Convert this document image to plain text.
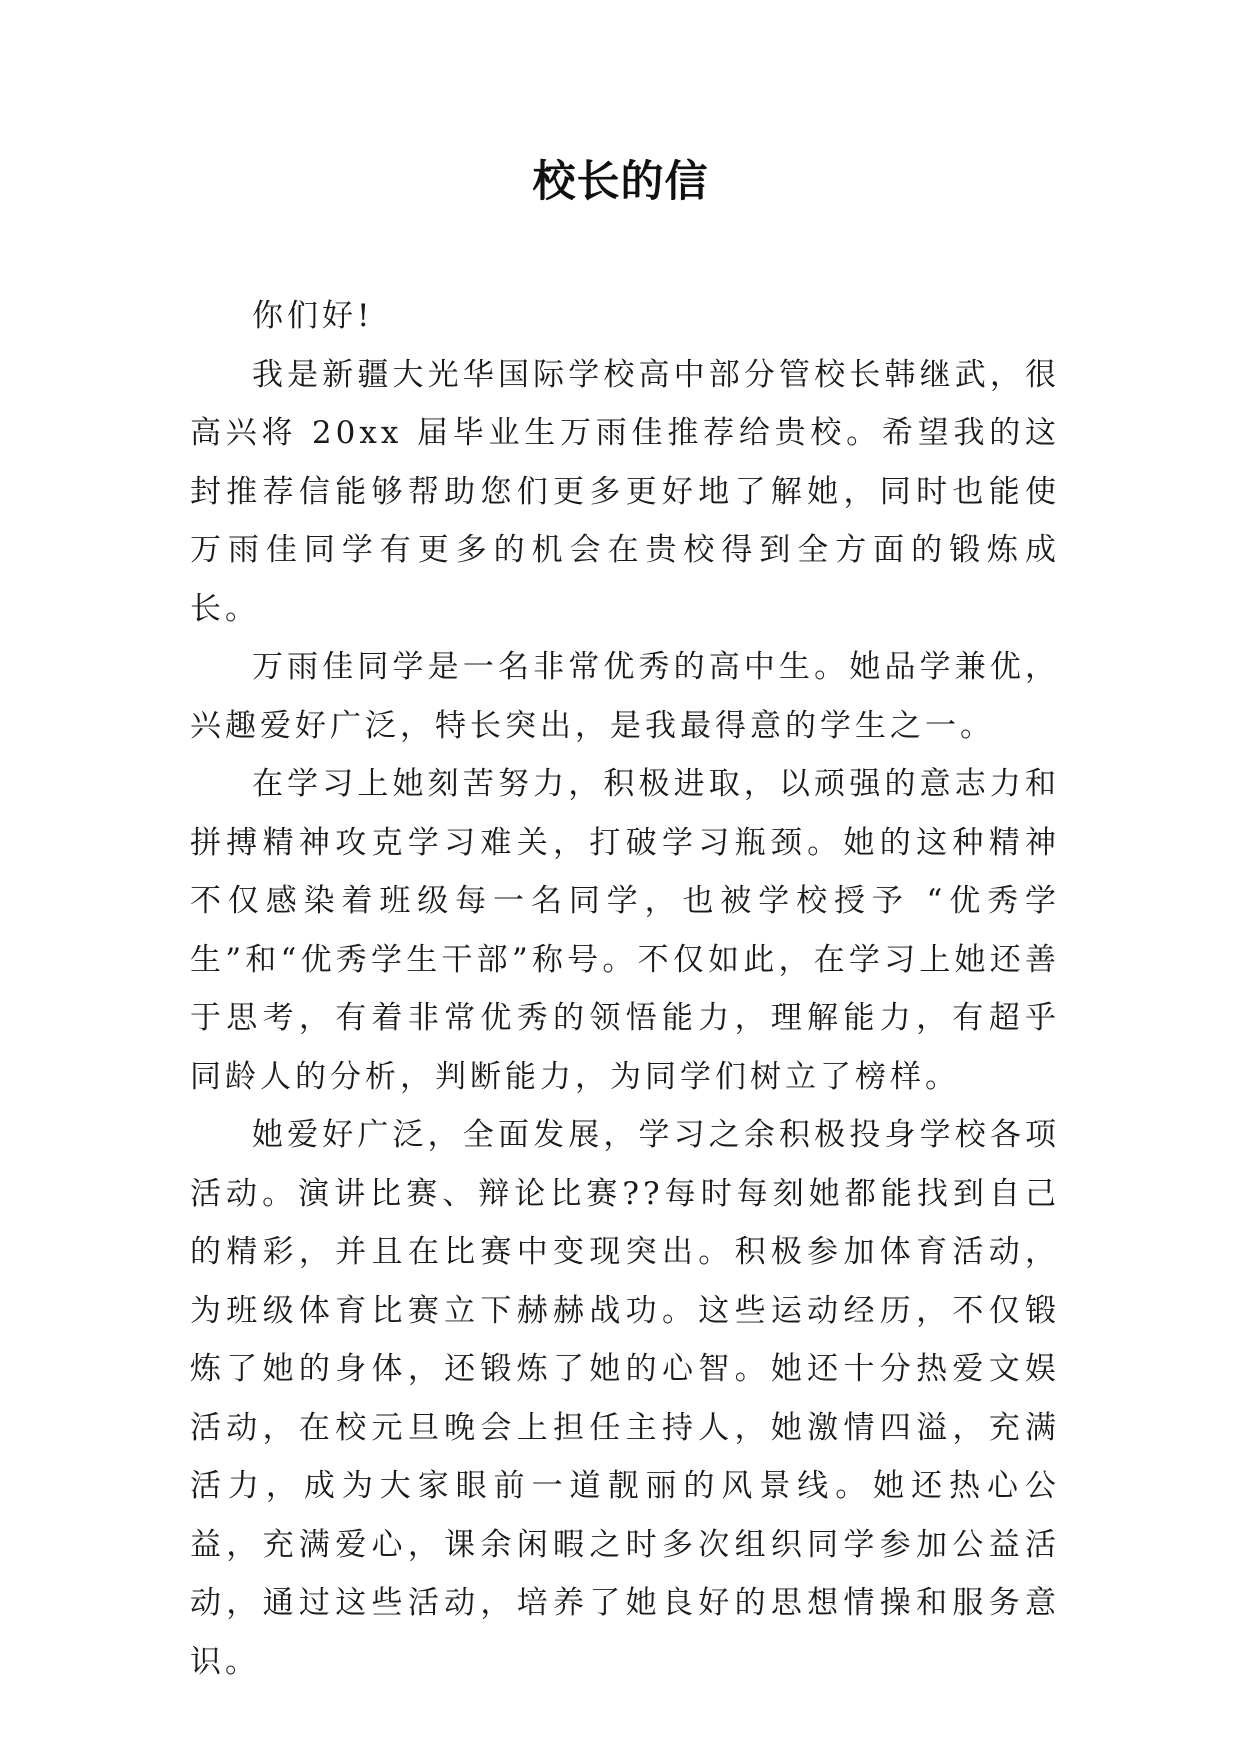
校长的信

你们好!

我是新疆大光华国际学校高中部分管校长韩继武，很高兴将 20xx 届毕业生万雨佳推荐给贵校。希望我的这封推荐信能够帮助您们更多更好地了解她，同时也能使万雨佳同学有更多的机会在贵校得到全方面的锻炼成长。

万雨佳同学是一名非常优秀的高中生。她品学兼优，兴趣爱好广泛，特长突出，是我最得意的学生之一。

在学习上她刻苦努力，积极进取，以顽强的意志力和拼搏精神攻克学习难关，打破学习瓶颈。她的这种精神不仅感染着班级每一名同学，也被学校授予 “优秀学生”和“优秀学生干部”称号。不仅如此，在学习上她还善于思考，有着非常优秀的领悟能力，理解能力，有超乎同龄人的分析，判断能力，为同学们树立了榜样。

她爱好广泛，全面发展，学习之余积极投身学校各项活动。演讲比赛、辩论比赛??每时每刻她都能找到自己的精彩，并且在比赛中变现突出。积极参加体育活动，为班级体育比赛立下赫赫战功。这些运动经历，不仅锻炼了她的身体，还锻炼了她的心智。她还十分热爱文娱活动，在校元旦晚会上担任主持人，她激情四溢，充满活力，成为大家眼前一道靓丽的风景线。她还热心公益，充满爱心，课余闲暇之时多次组织同学参加公益活动，通过这些活动，培养了她良好的思想情操和服务意识。
